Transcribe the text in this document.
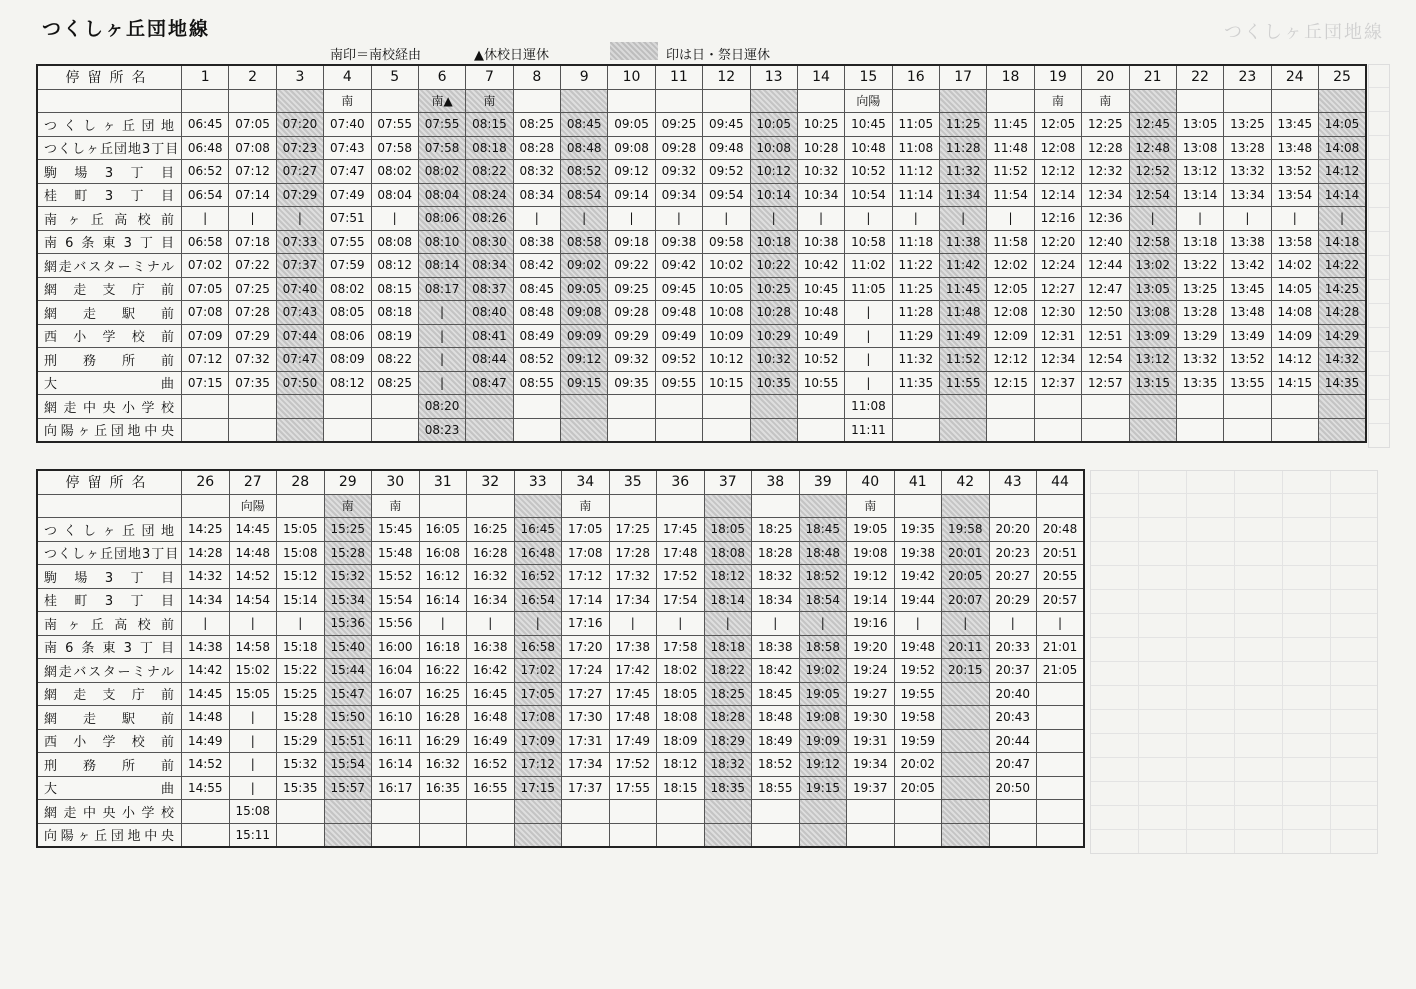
つくしヶ丘団地線
南印＝南校経由	▲休校日運休	印は日・祭日運休
つくしヶ丘団地線
停留所名	1	2	3	4	5	6	7	8	9	10	11	12	13	14	15	16	17	18	19	20	21	22	23	24	25
				南		南▲	南								向陽				南	南					
つくしヶ丘団地	06:45	07:05	07:20	07:40	07:55	07:55	08:15	08:25	08:45	09:05	09:25	09:45	10:05	10:25	10:45	11:05	11:25	11:45	12:05	12:25	12:45	13:05	13:25	13:45	14:05
つくしヶ丘団地3丁目	06:48	07:08	07:23	07:43	07:58	07:58	08:18	08:28	08:48	09:08	09:28	09:48	10:08	10:28	10:48	11:08	11:28	11:48	12:08	12:28	12:48	13:08	13:28	13:48	14:08
駒場3丁目	06:52	07:12	07:27	07:47	08:02	08:02	08:22	08:32	08:52	09:12	09:32	09:52	10:12	10:32	10:52	11:12	11:32	11:52	12:12	12:32	12:52	13:12	13:32	13:52	14:12
桂町3丁目	06:54	07:14	07:29	07:49	08:04	08:04	08:24	08:34	08:54	09:14	09:34	09:54	10:14	10:34	10:54	11:14	11:34	11:54	12:14	12:34	12:54	13:14	13:34	13:54	14:14
南ヶ丘高校前	|	|	|	07:51	|	08:06	08:26	|	|	|	|	|	|	|	|	|	|	|	12:16	12:36	|	|	|	|	|
南6条東3丁目	06:58	07:18	07:33	07:55	08:08	08:10	08:30	08:38	08:58	09:18	09:38	09:58	10:18	10:38	10:58	11:18	11:38	11:58	12:20	12:40	12:58	13:18	13:38	13:58	14:18
網走バスターミナル	07:02	07:22	07:37	07:59	08:12	08:14	08:34	08:42	09:02	09:22	09:42	10:02	10:22	10:42	11:02	11:22	11:42	12:02	12:24	12:44	13:02	13:22	13:42	14:02	14:22
網走支庁前	07:05	07:25	07:40	08:02	08:15	08:17	08:37	08:45	09:05	09:25	09:45	10:05	10:25	10:45	11:05	11:25	11:45	12:05	12:27	12:47	13:05	13:25	13:45	14:05	14:25
網走駅前	07:08	07:28	07:43	08:05	08:18	|	08:40	08:48	09:08	09:28	09:48	10:08	10:28	10:48	|	11:28	11:48	12:08	12:30	12:50	13:08	13:28	13:48	14:08	14:28
西小学校前	07:09	07:29	07:44	08:06	08:19	|	08:41	08:49	09:09	09:29	09:49	10:09	10:29	10:49	|	11:29	11:49	12:09	12:31	12:51	13:09	13:29	13:49	14:09	14:29
刑務所前	07:12	07:32	07:47	08:09	08:22	|	08:44	08:52	09:12	09:32	09:52	10:12	10:32	10:52	|	11:32	11:52	12:12	12:34	12:54	13:12	13:32	13:52	14:12	14:32
大曲	07:15	07:35	07:50	08:12	08:25	|	08:47	08:55	09:15	09:35	09:55	10:15	10:35	10:55	|	11:35	11:55	12:15	12:37	12:57	13:15	13:35	13:55	14:15	14:35
網走中央小学校						08:20									11:08										
向陽ヶ丘団地中央						08:23									11:11										
停留所名	26	27	28	29	30	31	32	33	34	35	36	37	38	39	40	41	42	43	44
		向陽		南	南				南						南				
つくしヶ丘団地	14:25	14:45	15:05	15:25	15:45	16:05	16:25	16:45	17:05	17:25	17:45	18:05	18:25	18:45	19:05	19:35	19:58	20:20	20:48
つくしヶ丘団地3丁目	14:28	14:48	15:08	15:28	15:48	16:08	16:28	16:48	17:08	17:28	17:48	18:08	18:28	18:48	19:08	19:38	20:01	20:23	20:51
駒場3丁目	14:32	14:52	15:12	15:32	15:52	16:12	16:32	16:52	17:12	17:32	17:52	18:12	18:32	18:52	19:12	19:42	20:05	20:27	20:55
桂町3丁目	14:34	14:54	15:14	15:34	15:54	16:14	16:34	16:54	17:14	17:34	17:54	18:14	18:34	18:54	19:14	19:44	20:07	20:29	20:57
南ヶ丘高校前	|	|	|	15:36	15:56	|	|	|	17:16	|	|	|	|	|	19:16	|	|	|	|
南6条東3丁目	14:38	14:58	15:18	15:40	16:00	16:18	16:38	16:58	17:20	17:38	17:58	18:18	18:38	18:58	19:20	19:48	20:11	20:33	21:01
網走バスターミナル	14:42	15:02	15:22	15:44	16:04	16:22	16:42	17:02	17:24	17:42	18:02	18:22	18:42	19:02	19:24	19:52	20:15	20:37	21:05
網走支庁前	14:45	15:05	15:25	15:47	16:07	16:25	16:45	17:05	17:27	17:45	18:05	18:25	18:45	19:05	19:27	19:55		20:40	
網走駅前	14:48	|	15:28	15:50	16:10	16:28	16:48	17:08	17:30	17:48	18:08	18:28	18:48	19:08	19:30	19:58		20:43	
西小学校前	14:49	|	15:29	15:51	16:11	16:29	16:49	17:09	17:31	17:49	18:09	18:29	18:49	19:09	19:31	19:59		20:44	
刑務所前	14:52	|	15:32	15:54	16:14	16:32	16:52	17:12	17:34	17:52	18:12	18:32	18:52	19:12	19:34	20:02		20:47	
大曲	14:55	|	15:35	15:57	16:17	16:35	16:55	17:15	17:37	17:55	18:15	18:35	18:55	19:15	19:37	20:05		20:50	
網走中央小学校		15:08																	
向陽ヶ丘団地中央		15:11																	
